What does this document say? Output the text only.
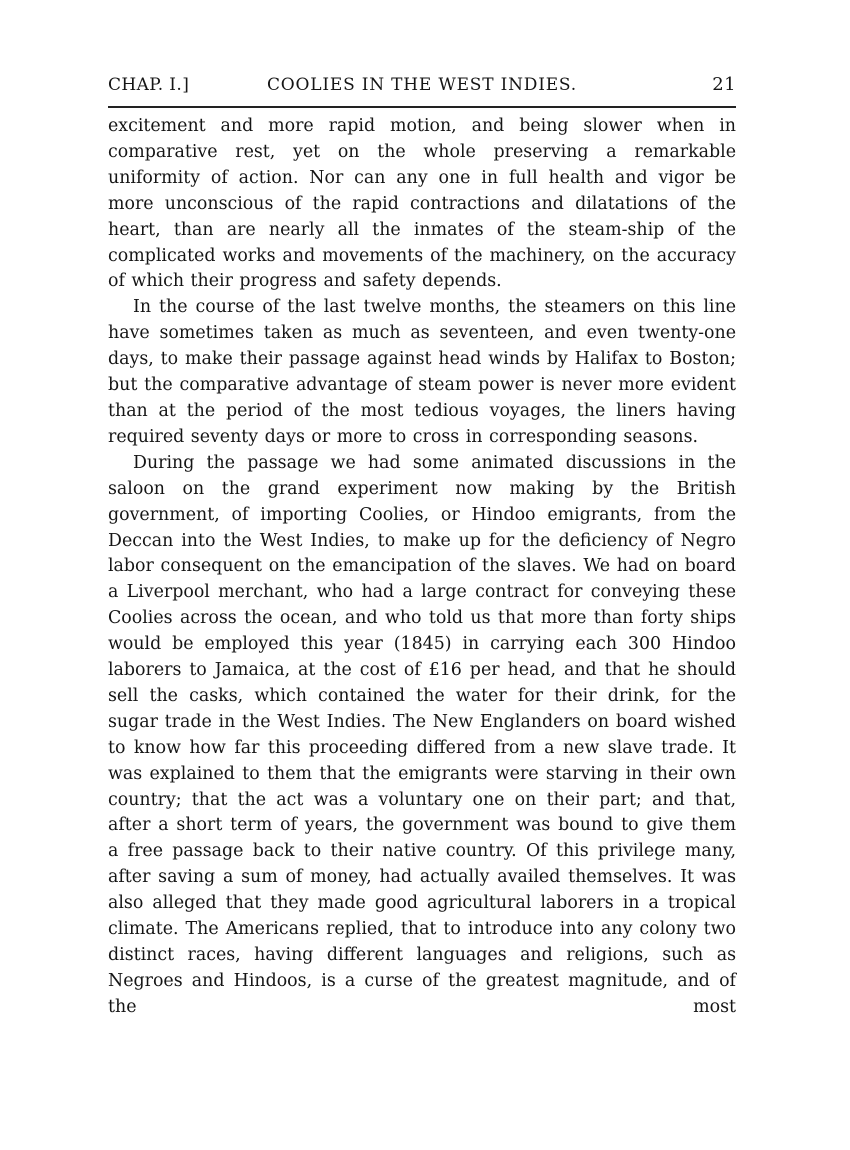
CHAP. I.]	COOLIES IN THE WEST INDIES.	21

excitement and more rapid motion, and being slower when in comparative rest, yet on the whole preserving a remarkable uniformity of action. Nor can any one in full health and vigor be more unconscious of the rapid contractions and dilatations of the heart, than are nearly all the inmates of the steam-ship of the complicated works and movements of the machinery, on the accuracy of which their progress and safety depends.

In the course of the last twelve months, the steamers on this line have sometimes taken as much as seventeen, and even twenty-one days, to make their passage against head winds by Halifax to Boston; but the comparative advantage of steam power is never more evident than at the period of the most tedious voyages, the liners having required seventy days or more to cross in corresponding seasons.

During the passage we had some animated discussions in the saloon on the grand experiment now making by the British government, of importing Coolies, or Hindoo emigrants, from the Deccan into the West Indies, to make up for the deficiency of Negro labor consequent on the emancipation of the slaves. We had on board a Liverpool merchant, who had a large contract for conveying these Coolies across the ocean, and who told us that more than forty ships would be employed this year (1845) in carrying each 300 Hindoo laborers to Jamaica, at the cost of £16 per head, and that he should sell the casks, which contained the water for their drink, for the sugar trade in the West Indies. The New Englanders on board wished to know how far this proceeding differed from a new slave trade. It was explained to them that the emigrants were starving in their own country; that the act was a voluntary one on their part; and that, after a short term of years, the government was bound to give them a free passage back to their native country. Of this privilege many, after saving a sum of money, had actually availed themselves. It was also alleged that they made good agricultural laborers in a tropical climate. The Americans replied, that to introduce into any colony two distinct races, having different languages and religions, such as Negroes and Hindoos, is a curse of the greatest magnitude, and of the most
